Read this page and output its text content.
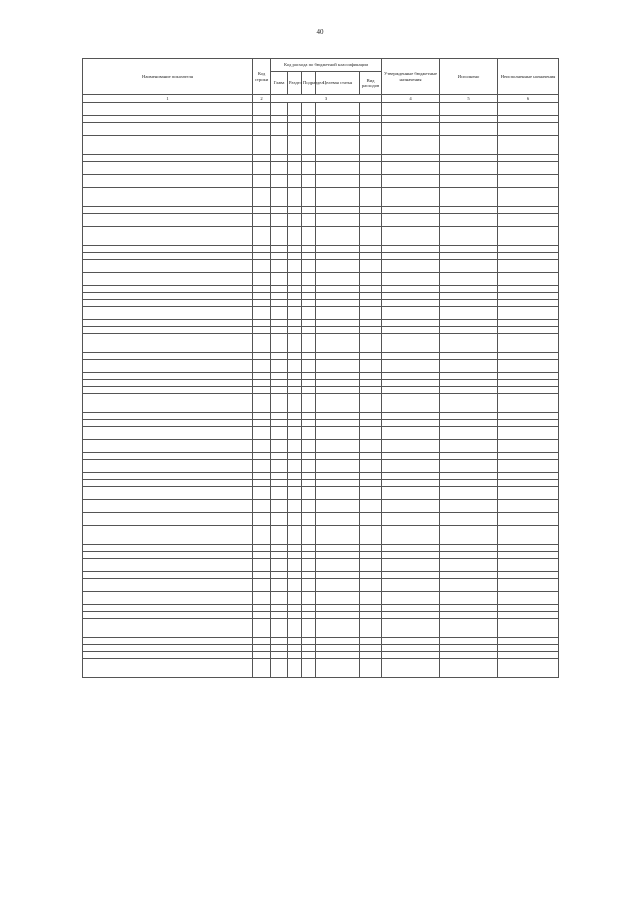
40
Наименование показателя	Код строки	Код расхода по бюджетной классификации					Утвержденные бюджетные назначения	Исполнено	Неисполненные назначения
		Глава	Раздел	Подраздел	Целевая статья	Вид расходов			
1	2	3					4	5	6
